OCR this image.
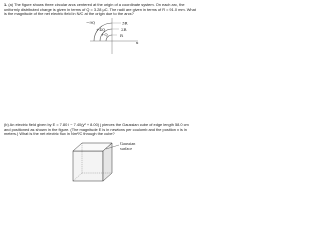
1. (a) The figure shows three circular arcs centered at the origin of a coordinate system. On each arc, the uniformly distributed charge is given in terms of Q = 3.28 μC. The radii are given in terms of R = 91.0 mm. What is the magnitude of the net electric field in N/C at the origin due to the arcs?

3R
2R
R
−9Q
+4Q
+Q
x
Gaussian
surface

(b) An electric field given by E = 7.80 i − 7.40(y² + 8.00) j pierces the Gaussian cube of edge length 58.0 cm and positioned as shown in the figure. (The magnitude E is in newtons per coulomb and the position x is in meters.) What is the net electric flux in Nm²/C through the cube?
